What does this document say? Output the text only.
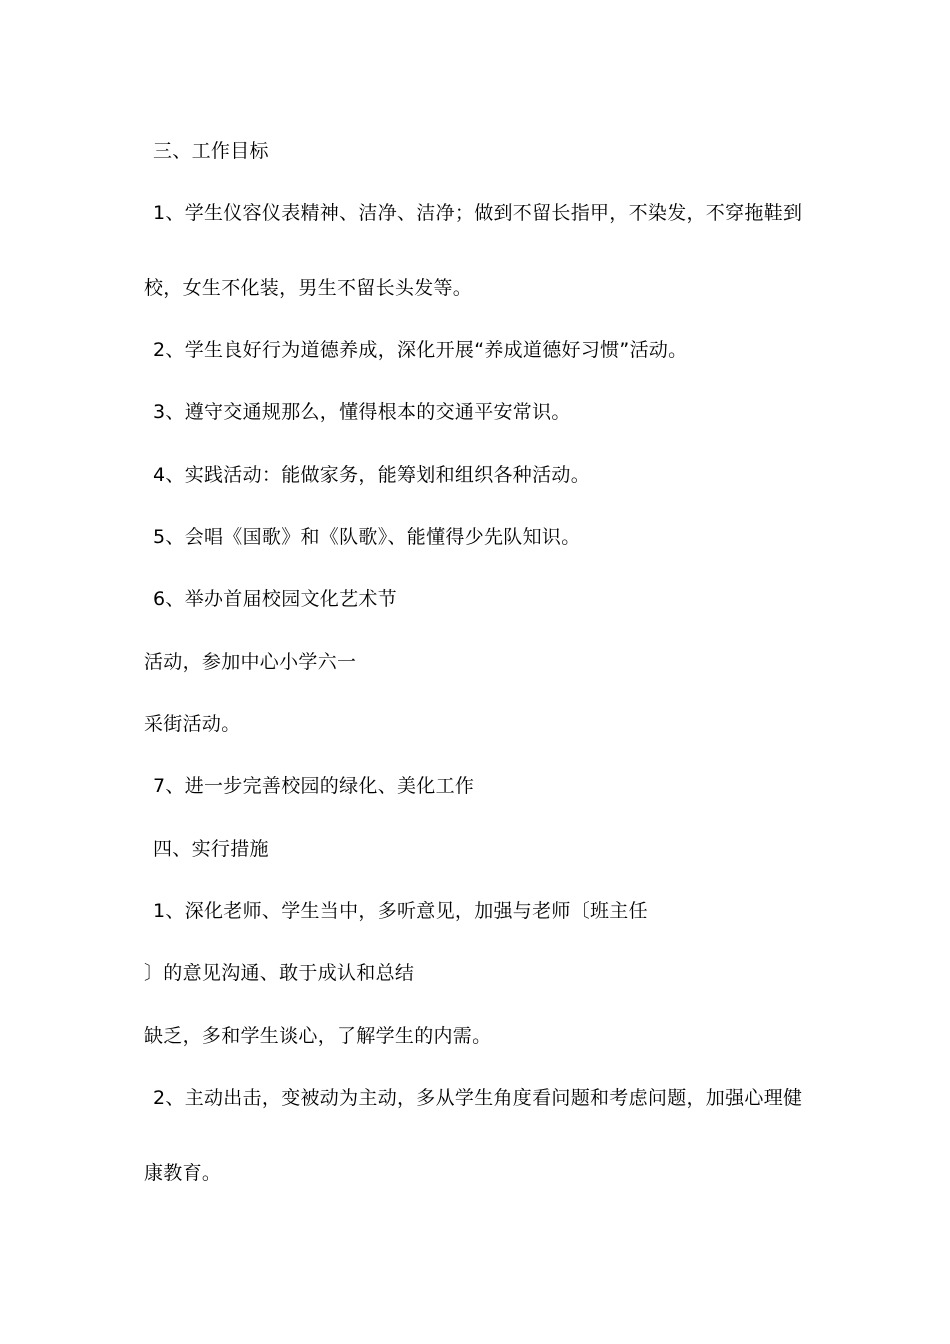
三、工作目标
1、学生仪容仪表精神、洁净、洁净；做到不留长指甲，不染发，不穿拖鞋到
校，女生不化装，男生不留长头发等。
2、学生良好行为道德养成，深化开展“养成道德好习惯”活动。
3、遵守交通规那么，懂得根本的交通平安常识。
4、实践活动：能做家务，能筹划和组织各种活动。
5、会唱《国歌》和《队歌》、能懂得少先队知识。
6、举办首届校园文化艺术节
活动，参加中心小学六一
采街活动。
7、进一步完善校园的绿化、美化工作
四、实行措施
1、深化老师、学生当中，多听意见，加强与老师〔班主任
〕的意见沟通、敢于成认和总结
缺乏，多和学生谈心，了解学生的内需。
2、主动出击，变被动为主动，多从学生角度看问题和考虑问题，加强心理健
康教育。
